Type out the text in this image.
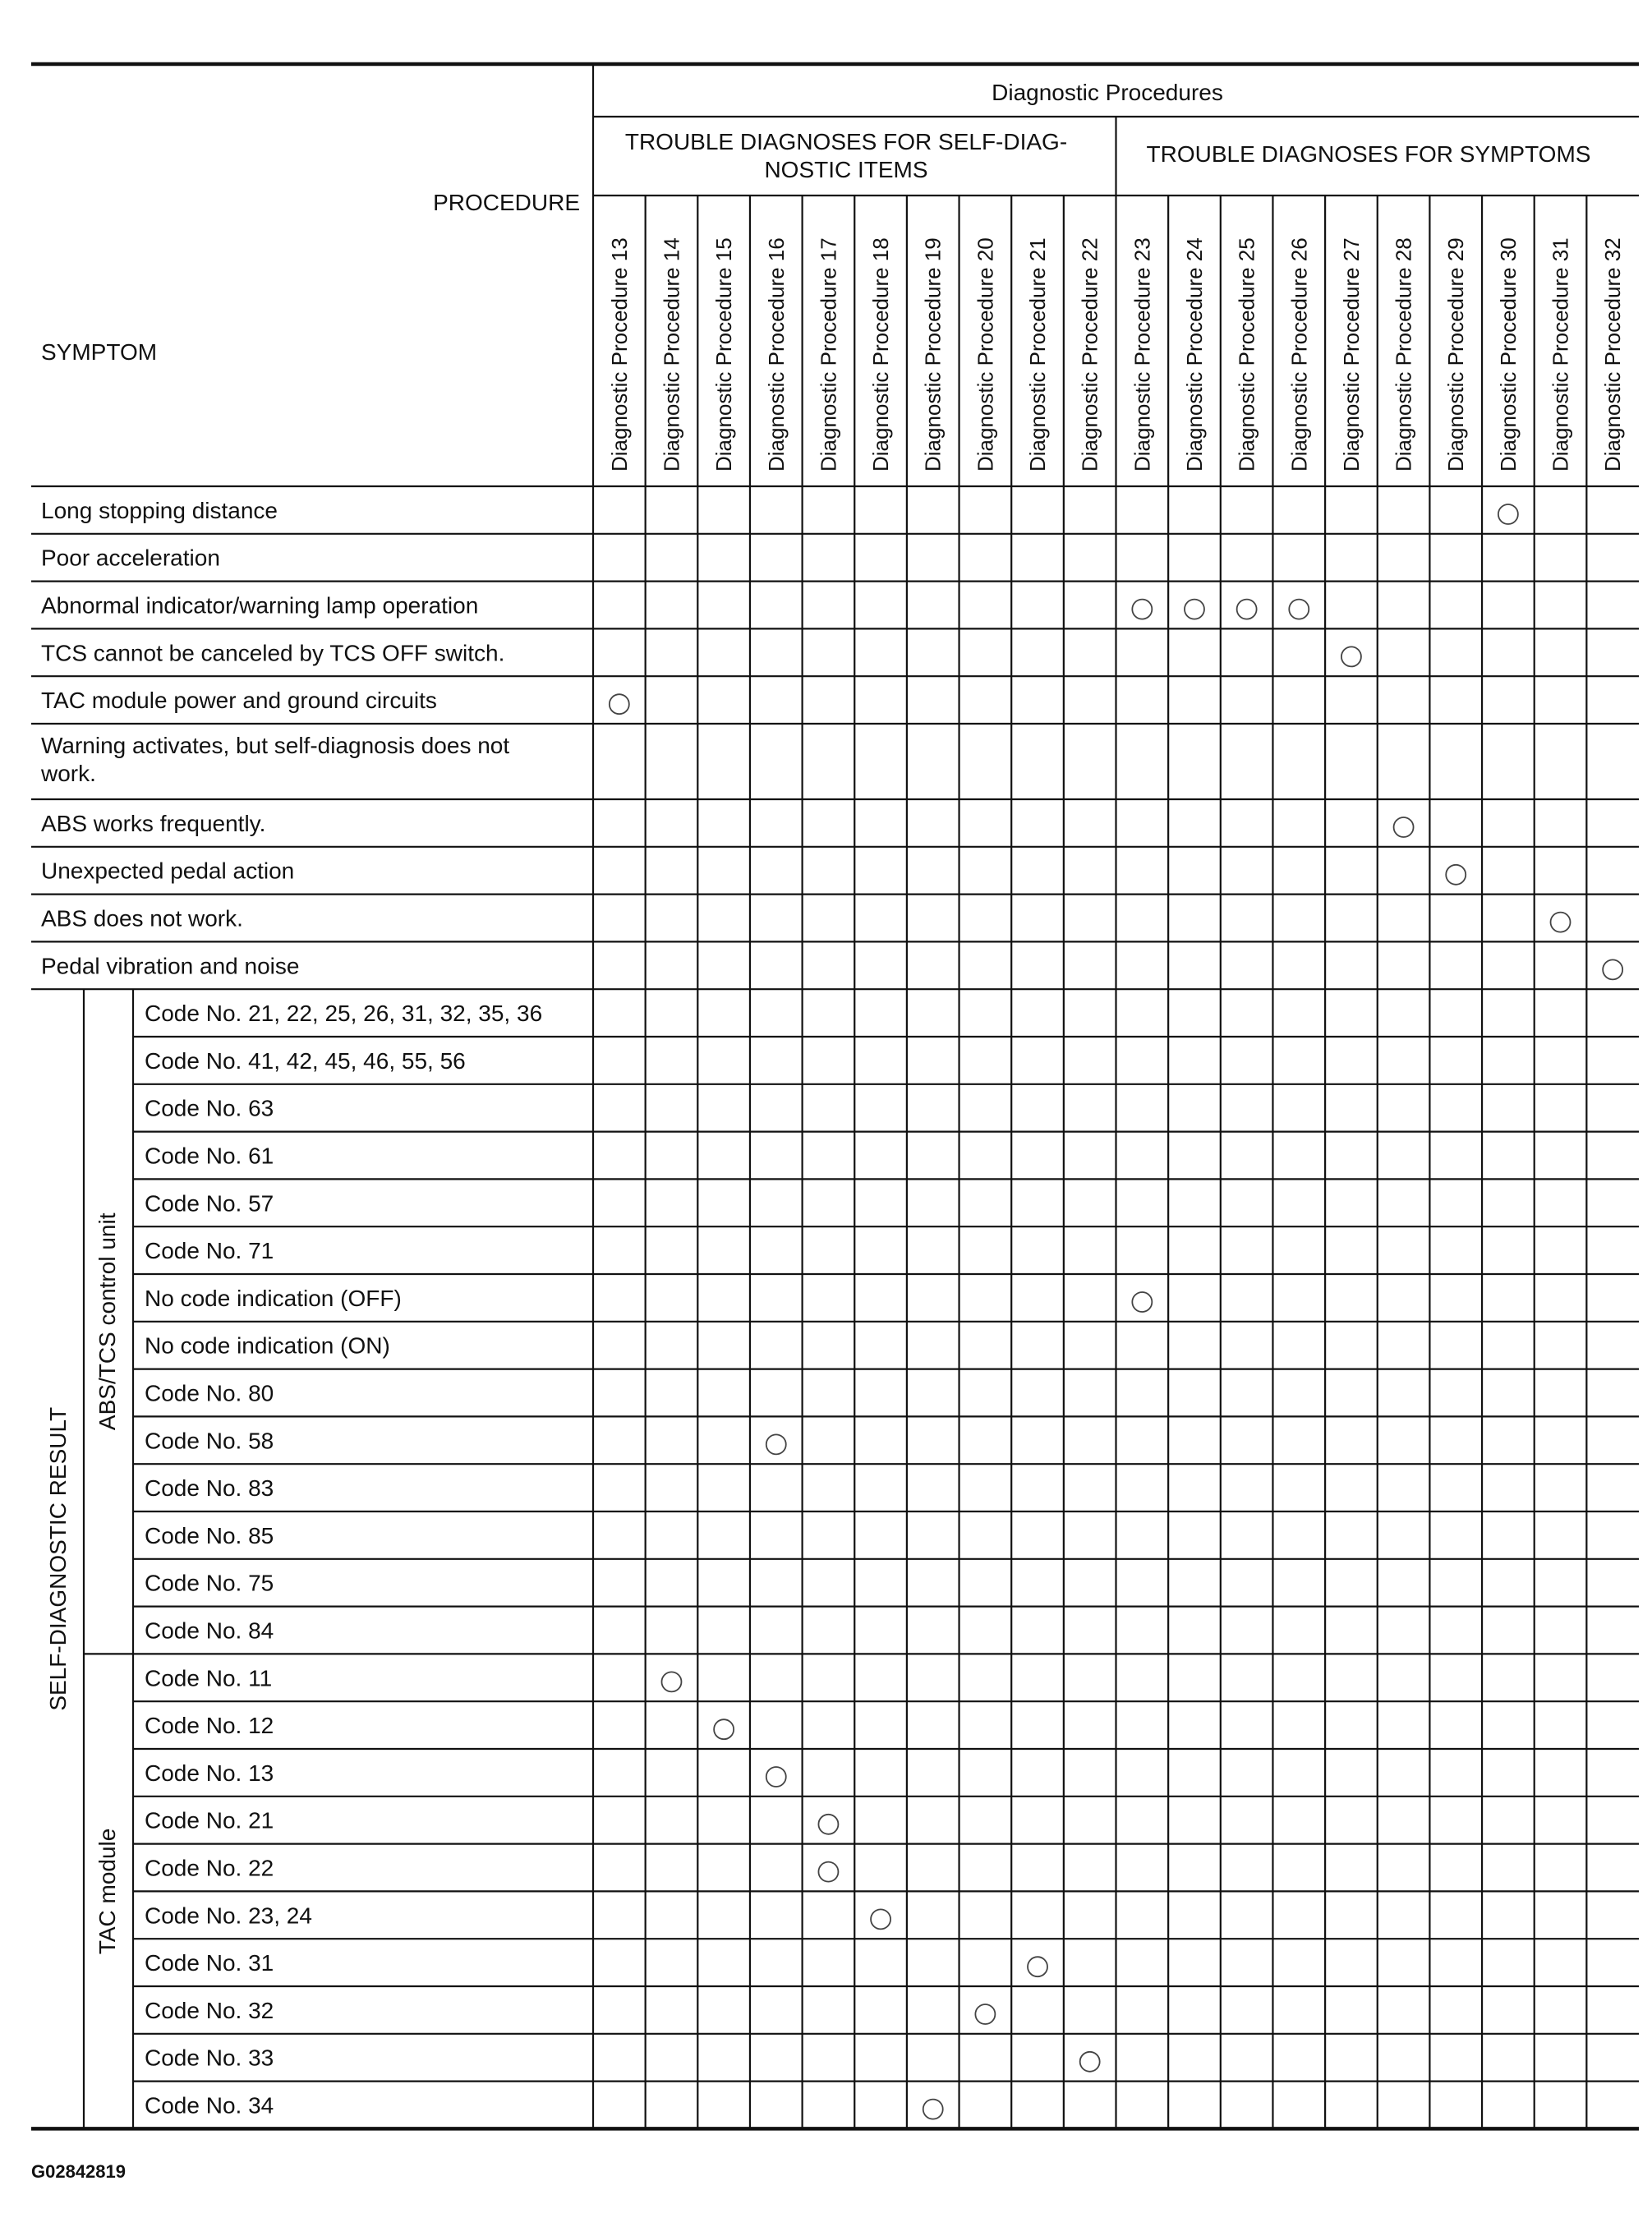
Diagnostic Procedures
TROUBLE DIAGNOSES FOR SELF-DIAG-
NOSTIC ITEMS
TROUBLE DIAGNOSES FOR SYMPTOMS
PROCEDURE
SYMPTOM	Diagnostic Procedure 13 Diagnostic Procedure 14 Diagnostic Procedure 15 Diagnostic Procedure 16 Diagnostic Procedure 17 Diagnostic Procedure 18 Diagnostic Procedure 19 Diagnostic Procedure 20 Diagnostic Procedure 21 Diagnostic Procedure 22 Diagnostic Procedure 23 Diagnostic Procedure 24 Diagnostic Procedure 25 Diagnostic Procedure 26 Diagnostic Procedure 27 Diagnostic Procedure 28 Diagnostic Procedure 29 Diagnostic Procedure 30 Diagnostic Procedure 31 Diagnostic Procedure 32
Long stopping distance
Poor acceleration
Abnormal indicator/warning lamp operation
TCS cannot be canceled by TCS OFF switch.
TAC module power and ground circuits
Warning activates, but self-diagnosis does not
work.
ABS works frequently.
Unexpected pedal action
ABS does not work.
Pedal vibration and noise
Code No. 21, 22, 25, 26, 31, 32, 35, 36
Code No. 41, 42, 45, 46, 55, 56
Code No. 63
Code No. 61
Code No. 57
Code No. 71
No code indication (OFF)
No code indication (ON)
Code No. 80
Code No. 58
Code No. 83
Code No. 85
Code No. 75
Code No. 84
Code No. 11
Code No. 12
Code No. 13
Code No. 21
Code No. 22
Code No. 23, 24
Code No. 31
Code No. 32
Code No. 33
Code No. 34
SELF-DIAGNOSTIC RESULT
ABS/TCS control unit
TAC module
G02842819
